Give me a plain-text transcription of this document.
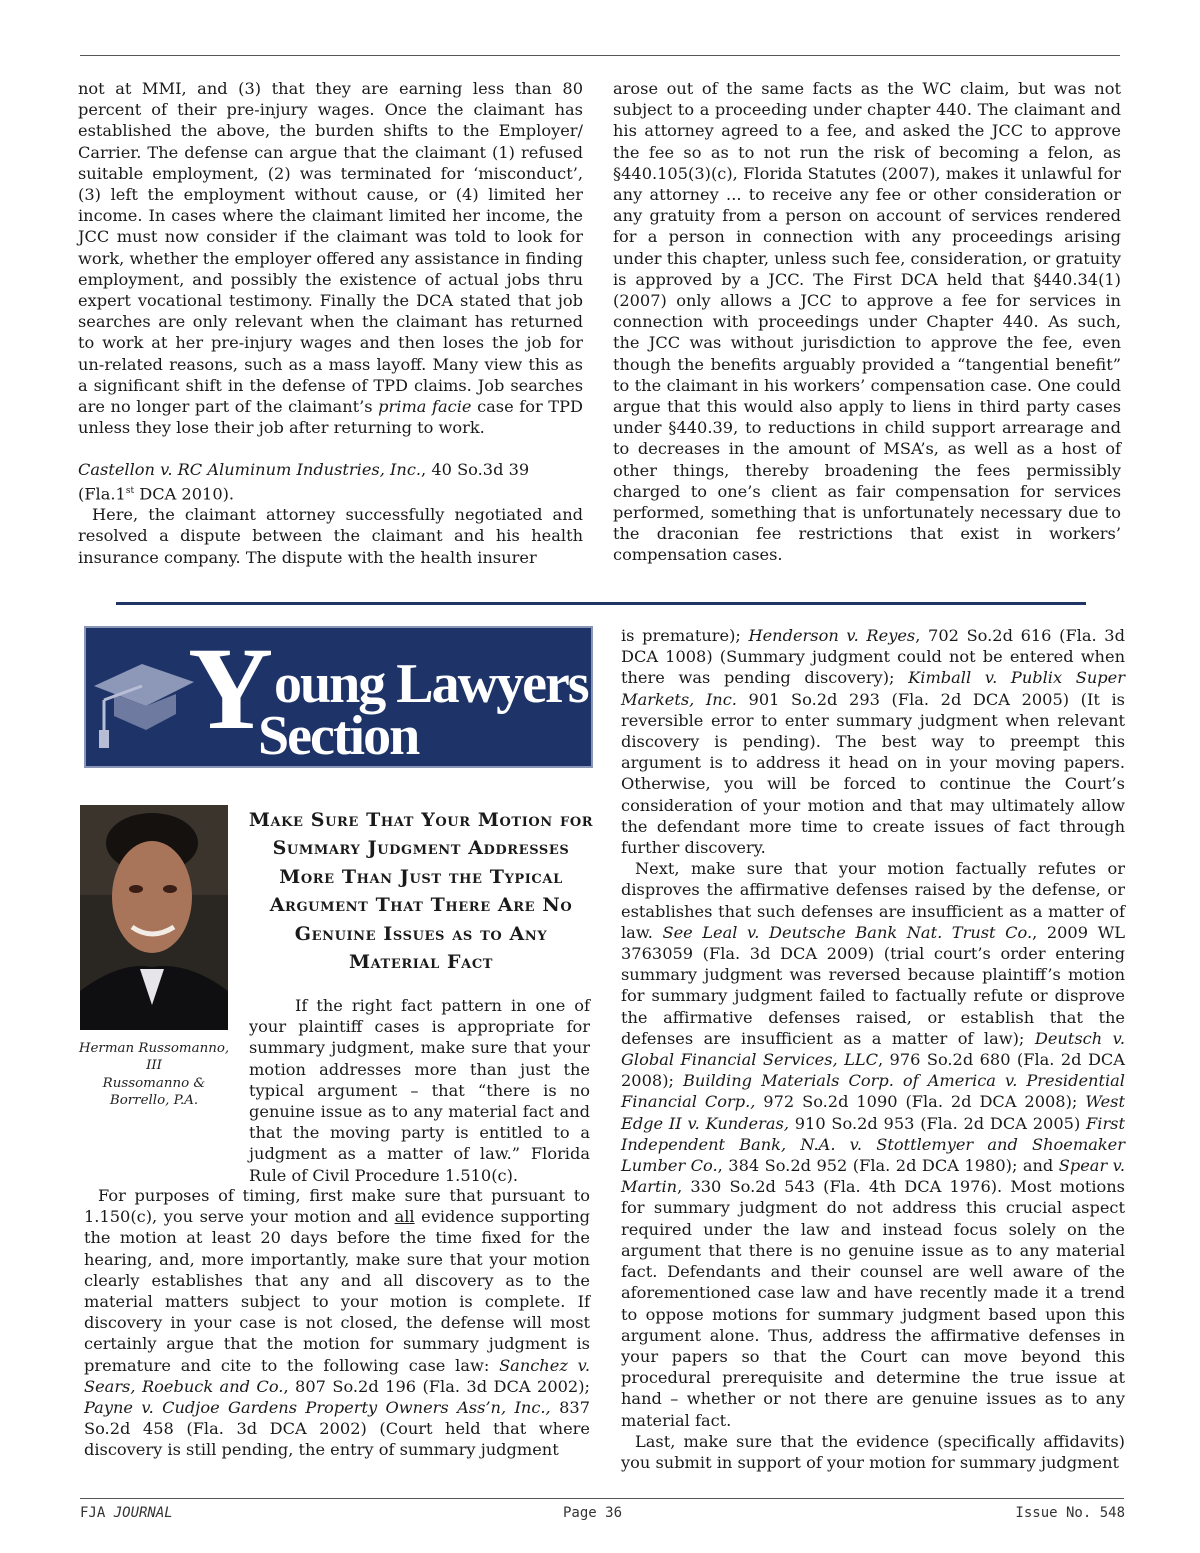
not at MMI, and (3) that they are earning less than 80 percent of their pre-injury wages. Once the claimant has established the above, the burden shifts to the Employer/ Carrier. The defense can argue that the claimant (1) refused suitable employment, (2) was terminated for ‘misconduct’, (3) left the employment without cause, or (4) limited her income. In cases where the claimant limited her income, the JCC must now consider if the claimant was told to look for work, whether the employer offered any assistance in finding employment, and possibly the existence of actual jobs thru expert vocational testimony. Finally the DCA stated that job searches are only relevant when the claimant has returned to work at her pre-injury wages and then loses the job for un-related reasons, such as a mass layoff. Many view this as a significant shift in the defense of TPD claims. Job searches are no longer part of the claimant’s prima facie case for TPD unless they lose their job after returning to work.

Castellon v. RC Aluminum Industries, Inc., 40 So.3d 39 (Fla.1st DCA 2010).

Here, the claimant attorney successfully negotiated and resolved a dispute between the claimant and his health insurance company. The dispute with the health insurer

arose out of the same facts as the WC claim, but was not subject to a proceeding under chapter 440. The claimant and his attorney agreed to a fee, and asked the JCC to approve the fee so as to not run the risk of becoming a felon, as §440.105(3)(c), Florida Statutes (2007), makes it unlawful for any attorney ... to receive any fee or other consideration or any gratuity from a person on account of services rendered for a person in connection with any proceedings arising under this chapter, unless such fee, consideration, or gratuity is approved by a JCC. The First DCA held that §440.34(1) (2007) only allows a JCC to approve a fee for services in connection with proceedings under Chapter 440. As such, the JCC was without jurisdiction to approve the fee, even though the benefits arguably provided a “tangential benefit” to the claimant in his workers’ compensation case. One could argue that this would also apply to liens in third party cases under §440.39, to reductions in child support arrearage and to decreases in the amount of MSA’s, as well as a host of other things, thereby broadening the fees permissibly charged to one’s client as fair compensation for services performed, something that is unfortunately necessary due to the draconian fee restrictions that exist in workers’ compensation cases.

Y oung Lawyers
Section
Herman Russomanno, III
Russomanno & Borrello, P.A.
Make Sure That Your Motion for Summary Judgment Addresses More Than Just the Typical Argument That There Are No Genuine Issues as to Any Material Fact

If the right fact pattern in one of your plaintiff cases is appropriate for summary judgment, make sure that your motion addresses more than just the typical argument – that “there is no genuine issue as to any material fact and that the moving party is entitled to a judgment as a matter of law.” Florida Rule of Civil Procedure 1.510(c).

For purposes of timing, first make sure that pursuant to 1.150(c), you serve your motion and all evidence supporting the motion at least 20 days before the time fixed for the hearing, and, more importantly, make sure that your motion clearly establishes that any and all discovery as to the material matters subject to your motion is complete. If discovery in your case is not closed, the defense will most certainly argue that the motion for summary judgment is premature and cite to the following case law: Sanchez v. Sears, Roebuck and Co., 807 So.2d 196 (Fla. 3d DCA 2002); Payne v. Cudjoe Gardens Property Owners Ass’n, Inc., 837 So.2d 458 (Fla. 3d DCA 2002) (Court held that where discovery is still pending, the entry of summary judgment

is premature); Henderson v. Reyes, 702 So.2d 616 (Fla. 3d DCA 1008) (Summary judgment could not be entered when there was pending discovery); Kimball v. Publix Super Markets, Inc. 901 So.2d 293 (Fla. 2d DCA 2005) (It is reversible error to enter summary judgment when relevant discovery is pending). The best way to preempt this argument is to address it head on in your moving papers. Otherwise, you will be forced to continue the Court’s consideration of your motion and that may ultimately allow the defendant more time to create issues of fact through further discovery.

Next, make sure that your motion factually refutes or disproves the affirmative defenses raised by the defense, or establishes that such defenses are insufficient as a matter of law. See Leal v. Deutsche Bank Nat. Trust Co., 2009 WL 3763059 (Fla. 3d DCA 2009) (trial court’s order entering summary judgment was reversed because plaintiff’s motion for summary judgment failed to factually refute or disprove the affirmative defenses raised, or establish that the defenses are insufficient as a matter of law); Deutsch v. Global Financial Services, LLC, 976 So.2d 680 (Fla. 2d DCA 2008); Building Materials Corp. of America v. Presidential Financial Corp., 972 So.2d 1090 (Fla. 2d DCA 2008); West Edge II v. Kunderas, 910 So.2d 953 (Fla. 2d DCA 2005) First Independent Bank, N.A. v. Stottlemyer and Shoemaker Lumber Co., 384 So.2d 952 (Fla. 2d DCA 1980); and Spear v. Martin, 330 So.2d 543 (Fla. 4th DCA 1976). Most motions for summary judgment do not address this crucial aspect required under the law and instead focus solely on the argument that there is no genuine issue as to any material fact. Defendants and their counsel are well aware of the aforementioned case law and have recently made it a trend to oppose motions for summary judgment based upon this argument alone. Thus, address the affirmative defenses in your papers so that the Court can move beyond this procedural prerequisite and determine the true issue at hand – whether or not there are genuine issues as to any material fact.

Last, make sure that the evidence (specifically affidavits) you submit in support of your motion for summary judgment

FJA JOURNAL	Page 36	Issue No. 548
